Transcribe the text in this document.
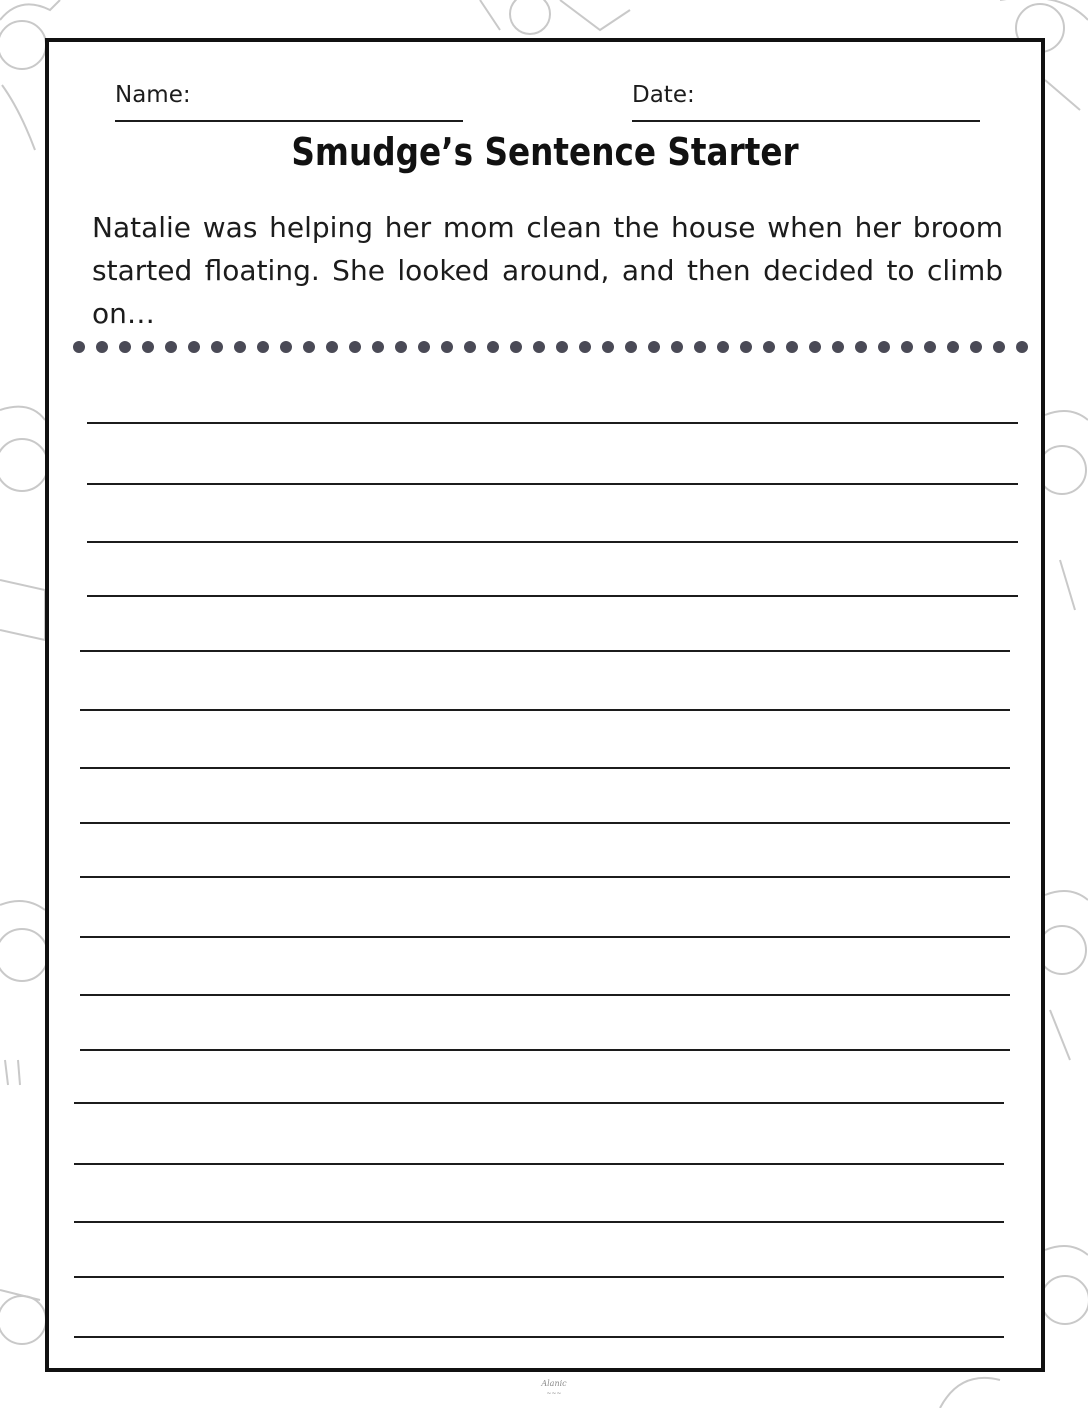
Name:	Date:
Smudge’s Sentence Starter

Natalie was helping her mom clean the house when her broom started floating. She looked around, and then decided to climb on…

Alanic
~~~
